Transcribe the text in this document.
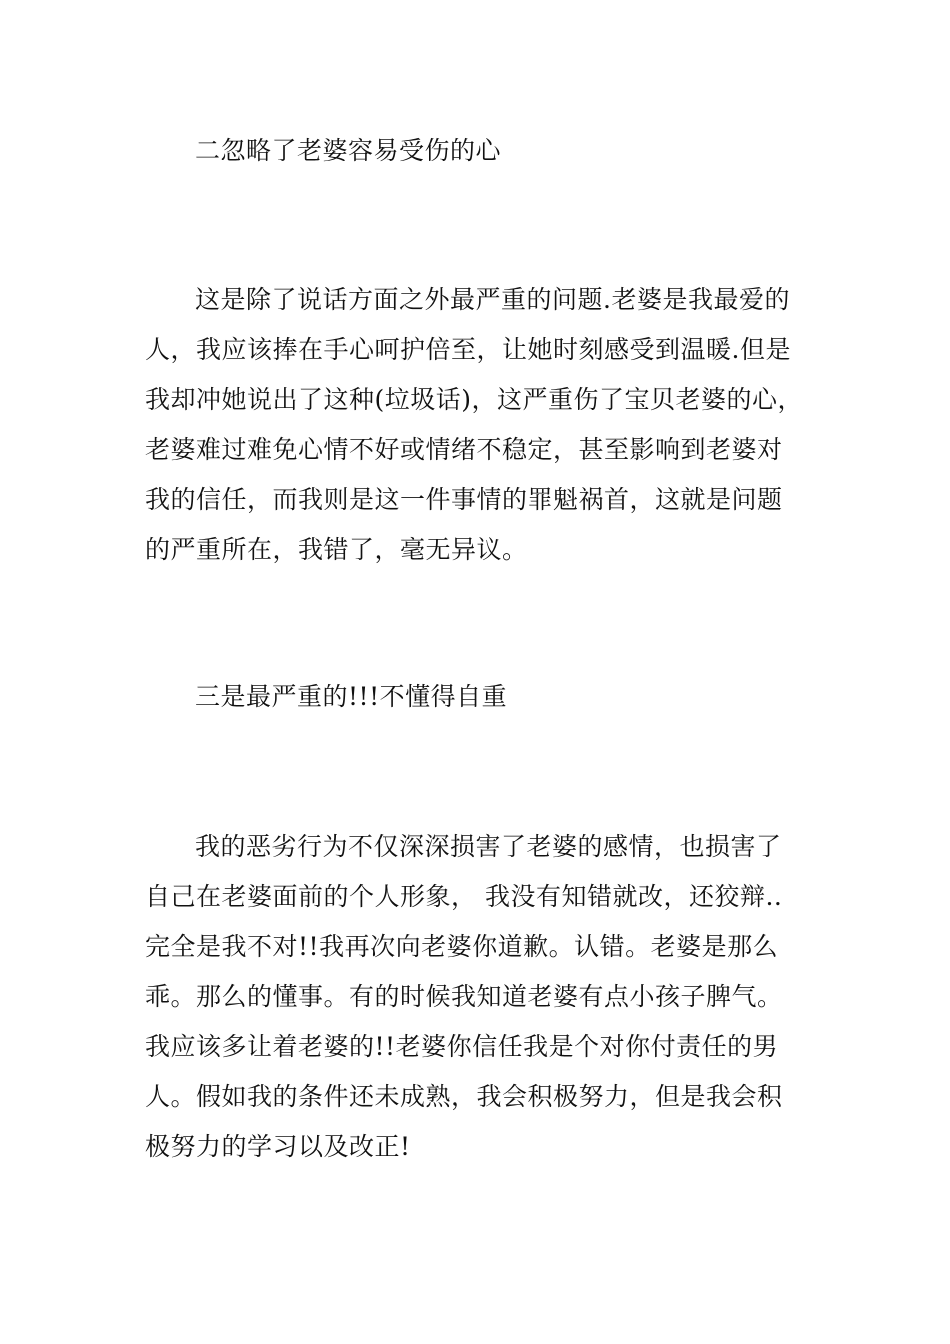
二忽略了老婆容易受伤的心
这是除了说话方面之外最严重的问题.老婆是我最爱的
人，我应该捧在手心呵护倍至，让她时刻感受到温暖.但是
我却冲她说出了这种(垃圾话)，这严重伤了宝贝老婆的心，
老婆难过难免心情不好或情绪不稳定，甚至影响到老婆对
我的信任，而我则是这一件事情的罪魁祸首，这就是问题
的严重所在，我错了，毫无异议。
三是最严重的!!!不懂得自重
我的恶劣行为不仅深深损害了老婆的感情，也损害了
自己在老婆面前的个人形象， 我没有知错就改，还狡辩..
完全是我不对!!我再次向老婆你道歉。认错。老婆是那么
乖。那么的懂事。有的时候我知道老婆有点小孩子脾气。
我应该多让着老婆的!!老婆你信任我是个对你付责任的男
人。假如我的条件还未成熟，我会积极努力，但是我会积
极努力的学习以及改正!
